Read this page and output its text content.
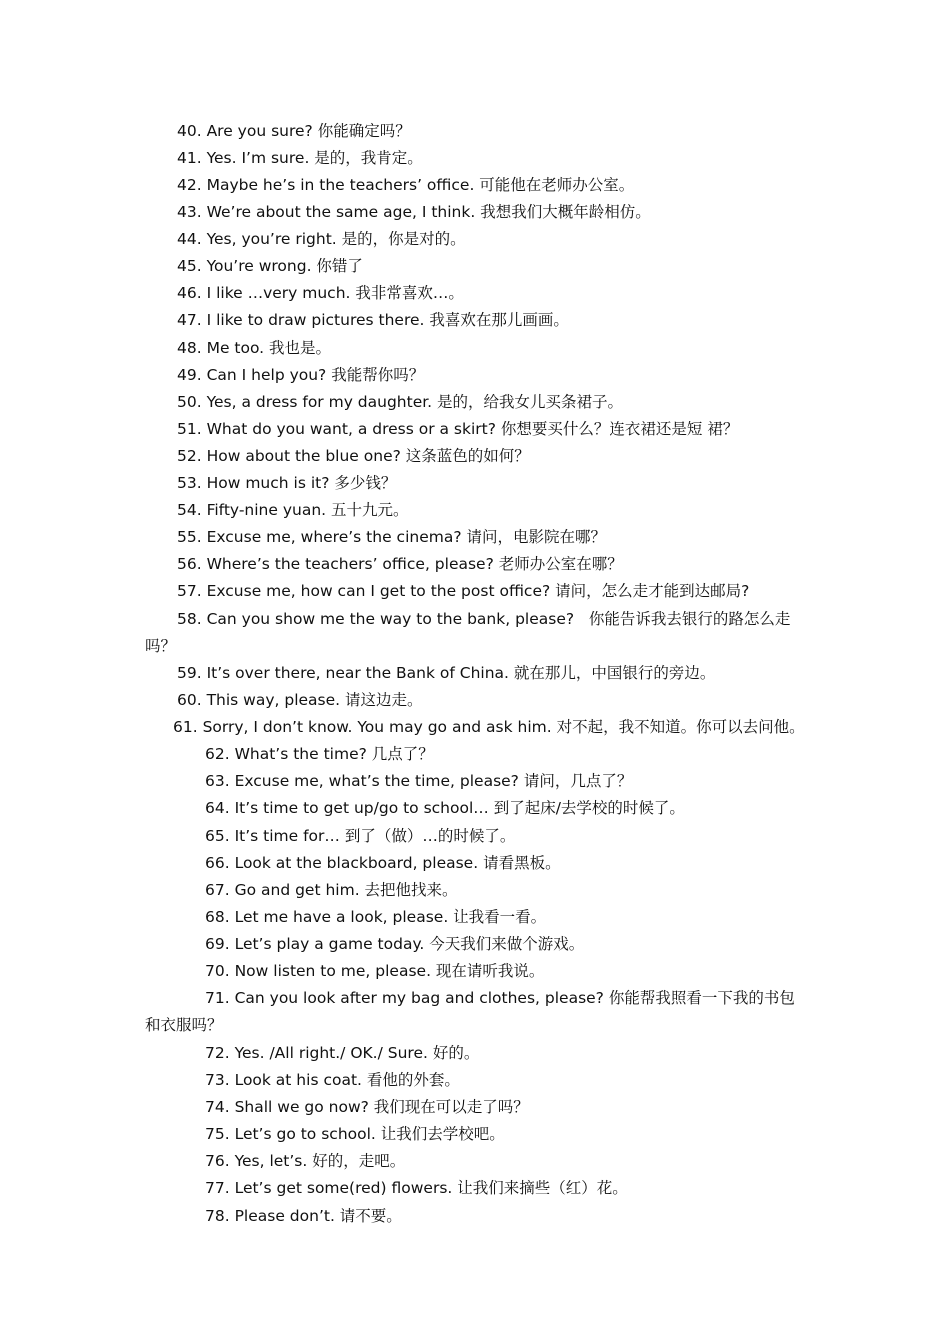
40. Are you sure? 你能确定吗？
41. Yes. I’m sure. 是的，我肯定。
42. Maybe he’s in the teachers’ office. 可能他在老师办公室。
43. We’re about the same age, I think. 我想我们大概年龄相仿。
44. Yes, you’re right. 是的，你是对的。
45. You’re wrong. 你错了
46. I like …very much. 我非常喜欢…。
47. I like to draw pictures there. 我喜欢在那儿画画。
48. Me too. 我也是。
49. Can I help you? 我能帮你吗？
50. Yes, a dress for my daughter. 是的，给我女儿买条裙子。
51. What do you want, a dress or a skirt? 你想要买什么？连衣裙还是短 裙？
52. How about the blue one? 这条蓝色的如何？
53. How much is it? 多少钱？
54. Fifty-nine yuan. 五十九元。
55. Excuse me, where’s the cinema? 请问，电影院在哪？
56. Where’s the teachers’ office, please? 老师办公室在哪？
57. Excuse me, how can I get to the post office? 请问，怎么走才能到达邮局?
58. Can you show me the way to the bank, please?   你能告诉我去银行的路怎么走
吗？
59. It’s over there, near the Bank of China. 就在那儿，中国银行的旁边。
60. This way, please. 请这边走。
61. Sorry, I don’t know. You may go and ask him. 对不起，我不知道。你可以去问他。
62. What’s the time? 几点了？
63. Excuse me, what’s the time, please? 请问，几点了？
64. It’s time to get up/go to school… 到了起床/去学校的时候了。
65. It’s time for… 到了（做）…的时候了。
66. Look at the blackboard, please. 请看黑板。
67. Go and get him. 去把他找来。
68. Let me have a look, please. 让我看一看。
69. Let’s play a game today. 今天我们来做个游戏。
70. Now listen to me, please. 现在请听我说。
71. Can you look after my bag and clothes, please? 你能帮我照看一下我的书包
和衣服吗？
72. Yes. /All right./ OK./ Sure. 好的。
73. Look at his coat. 看他的外套。
74. Shall we go now? 我们现在可以走了吗？
75. Let’s go to school. 让我们去学校吧。
76. Yes, let’s. 好的，走吧。
77. Let’s get some(red) flowers. 让我们来摘些（红）花。
78. Please don’t. 请不要。
